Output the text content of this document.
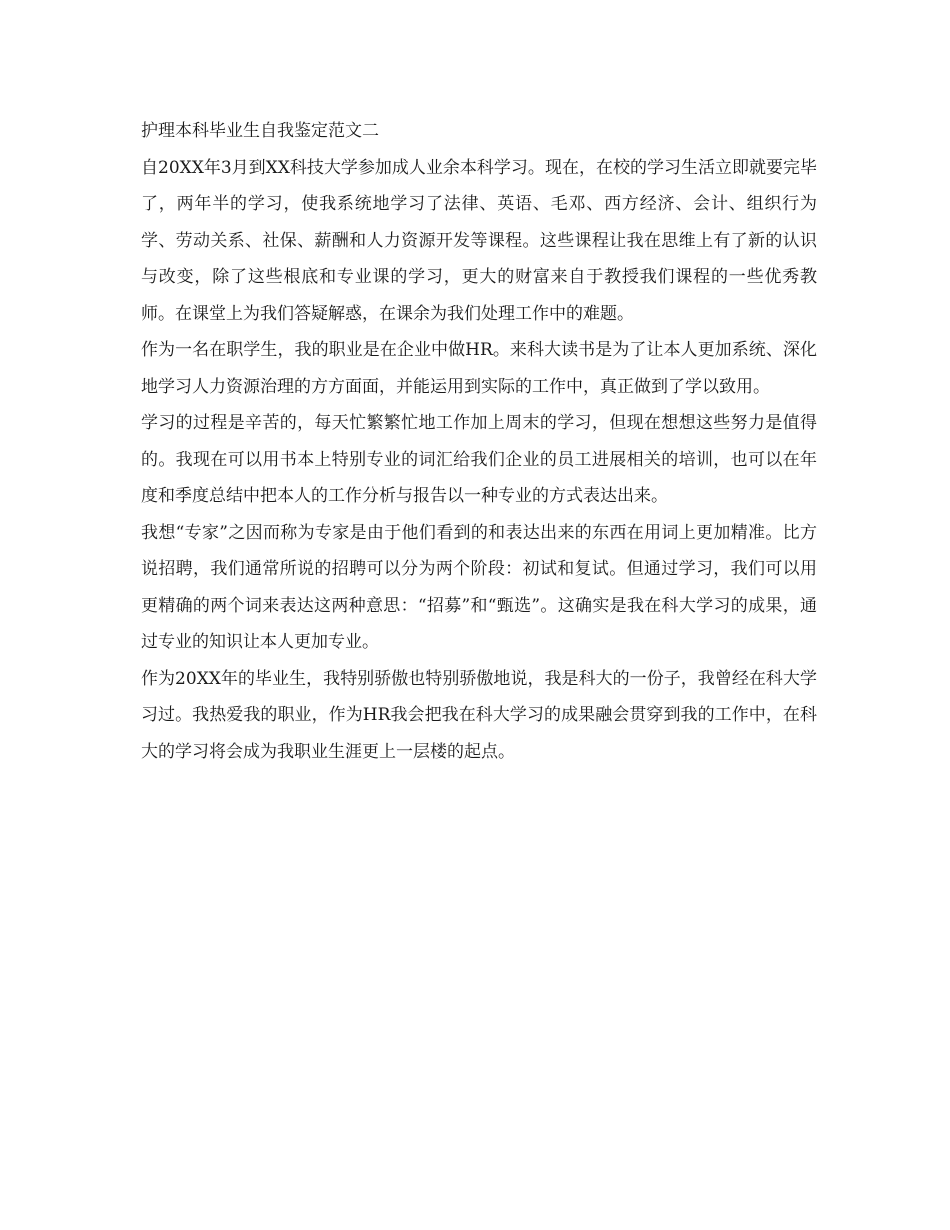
护理本科毕业生自我鉴定范文二

自20XX年3月到XX科技大学参加成人业余本科学习。现在，在校的学习生活立即就要完毕了，两年半的学习，使我系统地学习了法律、英语、毛邓、西方经济、会计、组织行为学、劳动关系、社保、薪酬和人力资源开发等课程。这些课程让我在思维上有了新的认识与改变，除了这些根底和专业课的学习，更大的财富来自于教授我们课程的一些优秀教师。在课堂上为我们答疑解惑，在课余为我们处理工作中的难题。

作为一名在职学生，我的职业是在企业中做HR。来科大读书是为了让本人更加系统、深化地学习人力资源治理的方方面面，并能运用到实际的工作中，真正做到了学以致用。

学习的过程是辛苦的，每天忙繁繁忙地工作加上周末的学习，但现在想想这些努力是值得的。我现在可以用书本上特别专业的词汇给我们企业的员工进展相关的培训，也可以在年度和季度总结中把本人的工作分析与报告以一种专业的方式表达出来。

我想“专家”之因而称为专家是由于他们看到的和表达出来的东西在用词上更加精准。比方说招聘，我们通常所说的招聘可以分为两个阶段：初试和复试。但通过学习，我们可以用更精确的两个词来表达这两种意思：“招募”和“甄选”。这确实是我在科大学习的成果，通过专业的知识让本人更加专业。

作为20XX年的毕业生，我特别骄傲也特别骄傲地说，我是科大的一份子，我曾经在科大学习过。我热爱我的职业，作为HR我会把我在科大学习的成果融会贯穿到我的工作中，在科大的学习将会成为我职业生涯更上一层楼的起点。
